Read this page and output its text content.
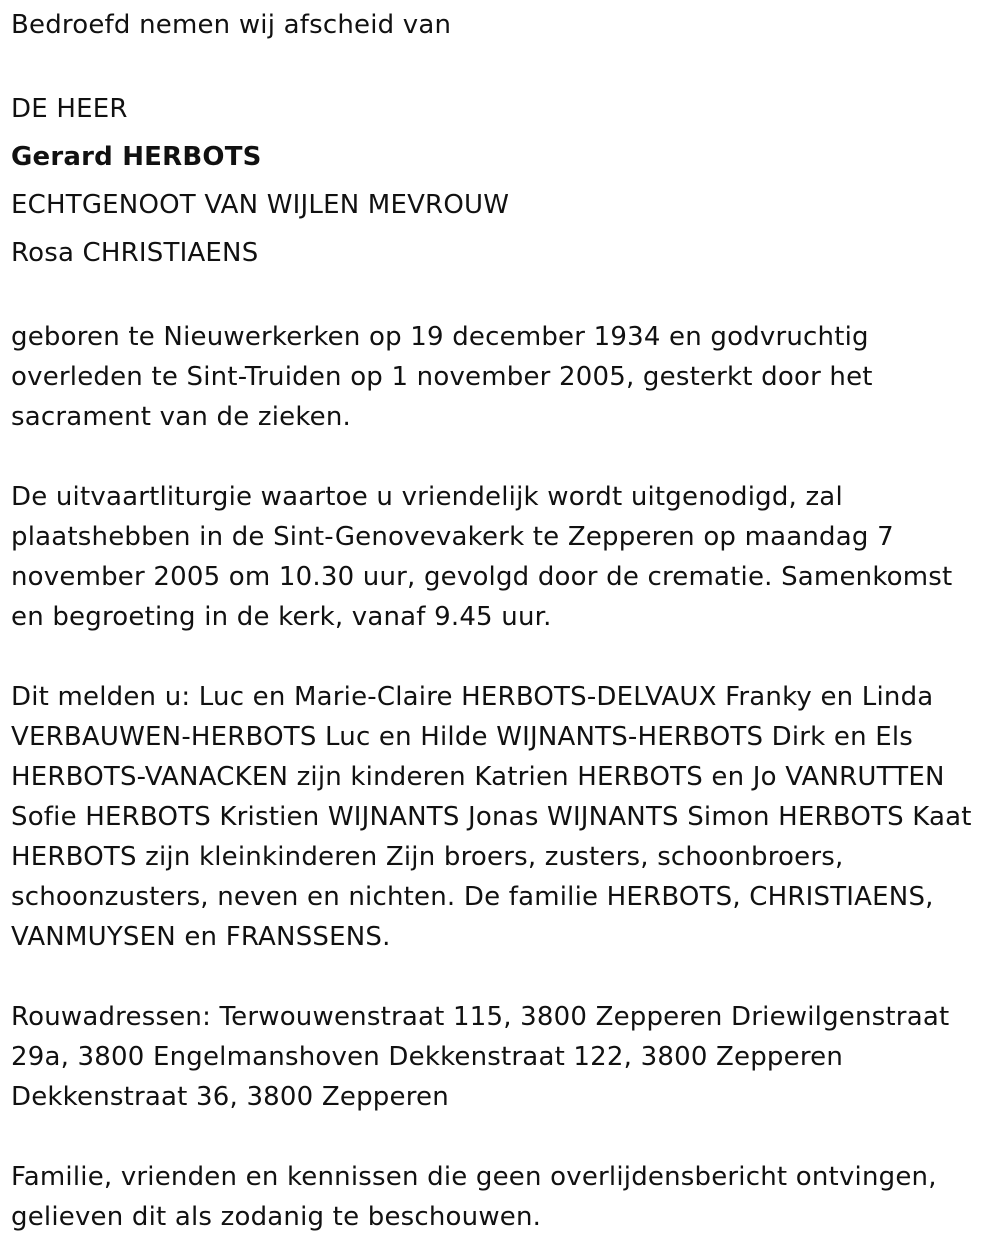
Bedroefd nemen wij afscheid van

DE HEER

Gerard HERBOTS

ECHTGENOOT VAN WIJLEN MEVROUW

Rosa CHRISTIAENS

geboren te Nieuwerkerken op 19 december 1934 en godvruchtig overleden te Sint-Truiden op 1 november 2005, gesterkt door het sacrament van de zieken.

De uitvaartliturgie waartoe u vriendelijk wordt uitgenodigd, zal plaatshebben in de Sint-Genovevakerk te Zepperen op maandag 7 november 2005 om 10.30 uur, gevolgd door de crematie. Samenkomst en begroeting in de kerk, vanaf 9.45 uur.

Dit melden u: Luc en Marie-Claire HERBOTS-DELVAUX Franky en Linda VERBAUWEN-HERBOTS Luc en Hilde WIJNANTS-HERBOTS Dirk en Els HERBOTS-VANACKEN zijn kinderen Katrien HERBOTS en Jo VANRUTTEN Sofie HERBOTS Kristien WIJNANTS Jonas WIJNANTS Simon HERBOTS Kaat HERBOTS zijn kleinkinderen Zijn broers, zusters, schoonbroers, schoonzusters, neven en nichten. De familie HERBOTS, CHRISTIAENS, VANMUYSEN en FRANSSENS.

Rouwadressen: Terwouwenstraat 115, 3800 Zepperen Driewilgenstraat 29a, 3800 Engelmanshoven Dekkenstraat 122, 3800 Zepperen Dekkenstraat 36, 3800 Zepperen

Familie, vrienden en kennissen die geen overlijdensbericht ontvingen, gelieven dit als zodanig te beschouwen.
